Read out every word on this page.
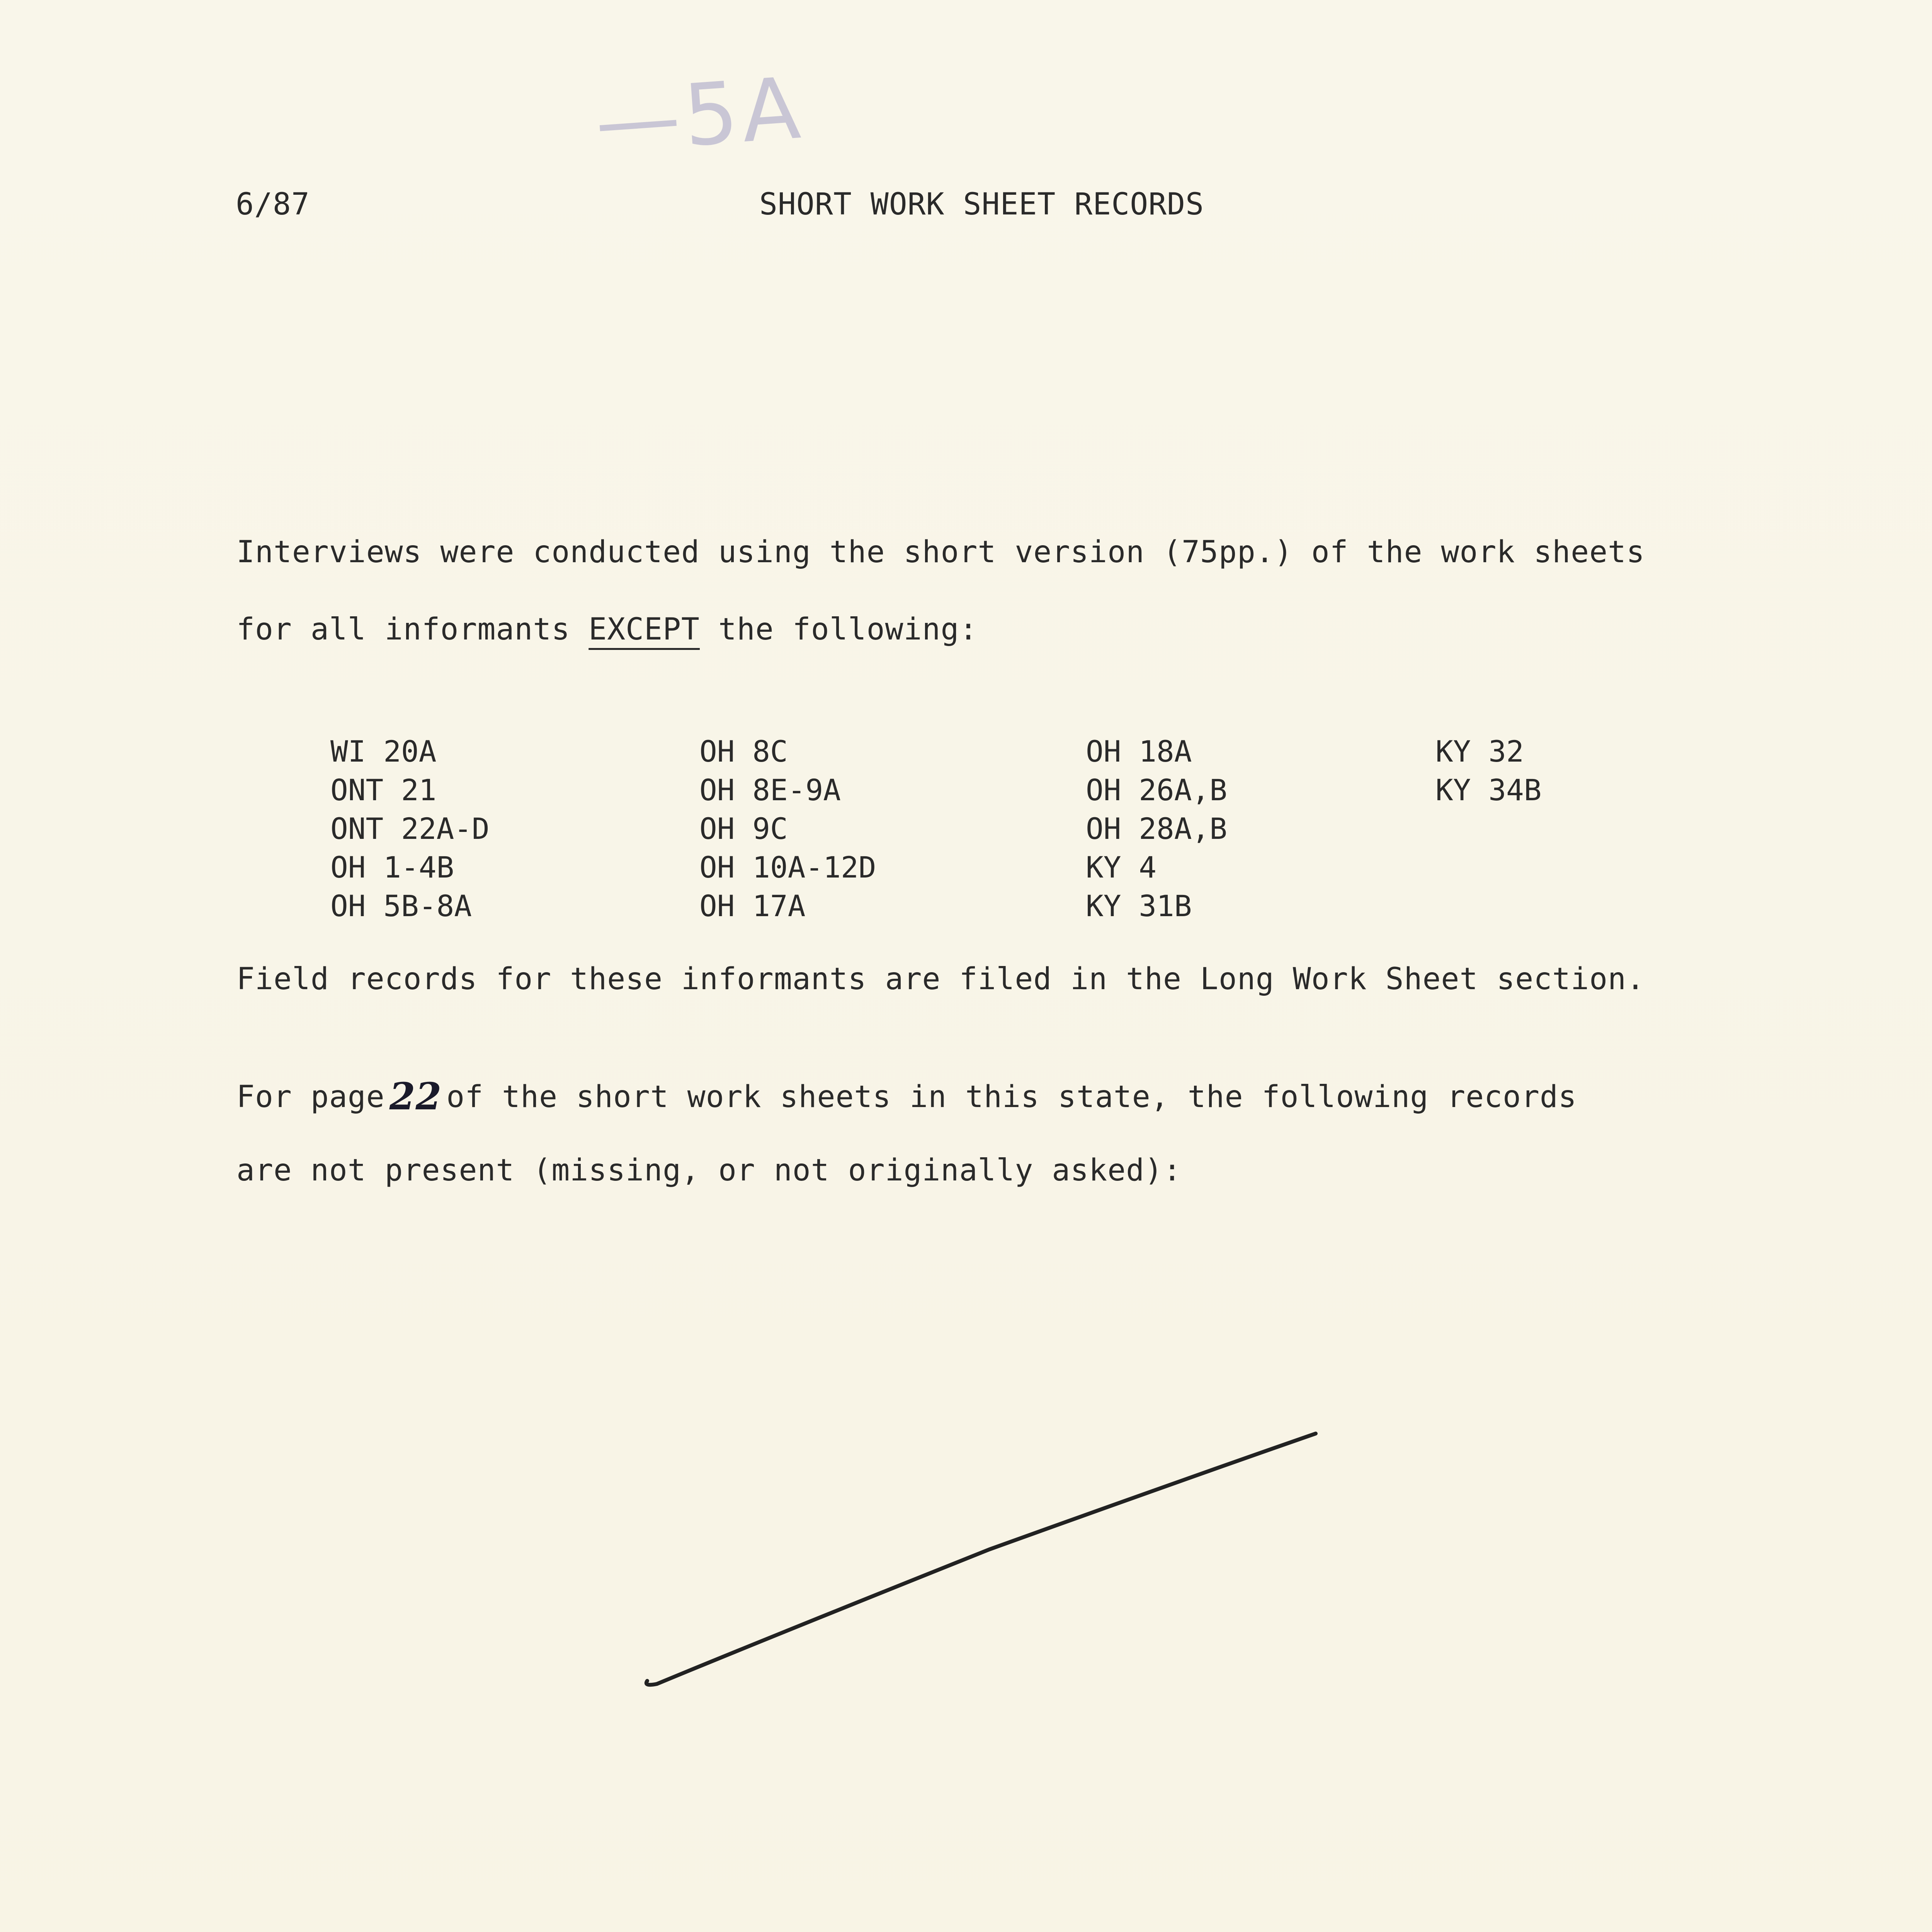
—5A
6/87	SHORT WORK SHEET RECORDS
Interviews were conducted using the short version (75pp.) of the work sheets
for all informants EXCEPT the following:
WI 20A
ONT 21
ONT 22A-D
OH 1-4B
OH 5B-8A
OH 8C
OH 8E-9A
OH 9C
OH 10A-12D
OH 17A
OH 18A
OH 26A,B
OH 28A,B
KY 4
KY 31B
KY 32
KY 34B
Field records for these informants are filed in the Long Work Sheet section.
For page 22 of the short work sheets in this state, the following records
are not present (missing, or not originally asked):
